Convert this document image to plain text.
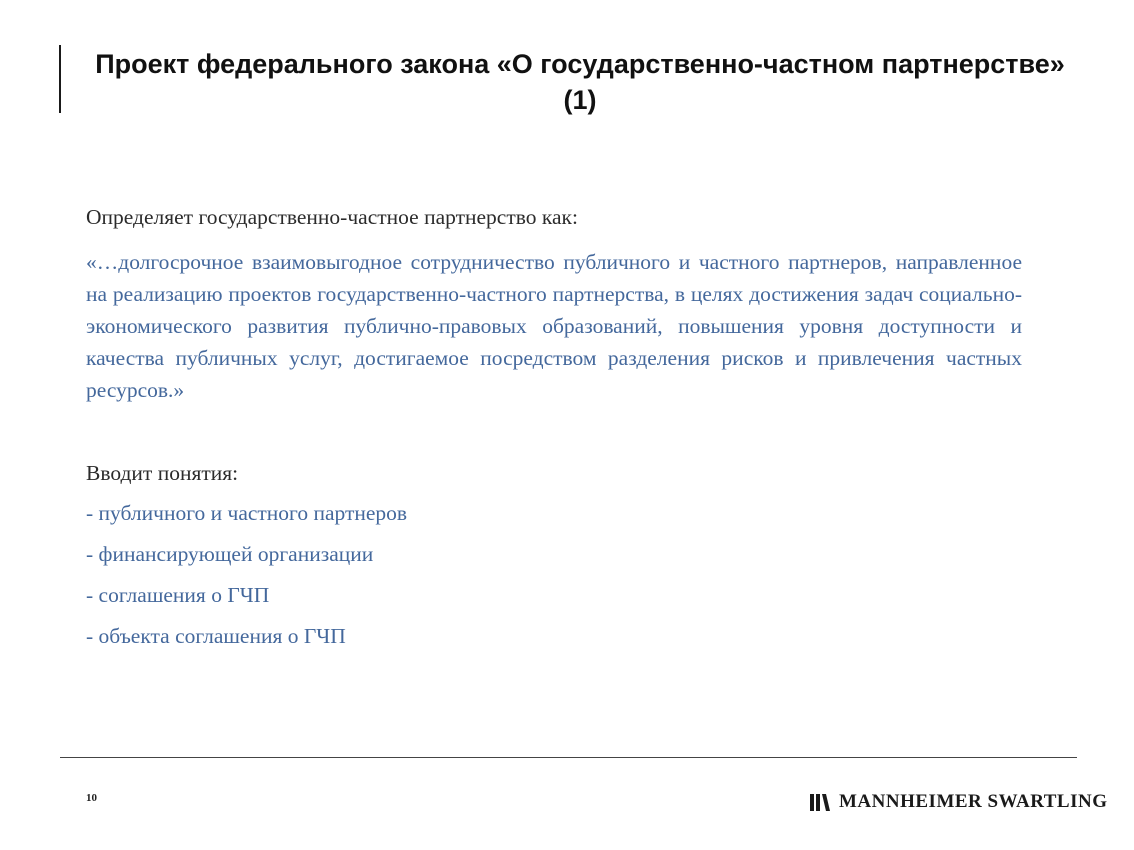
Проект федерального закона «О государственно-частном партнерстве» (1)

Определяет государственно-частное партнерство как:

«…долгосрочное взаимовыгодное сотрудничество публичного и частного партнеров, направленное на реализацию проектов государственно-частного партнерства, в целях достижения задач социально-экономического развития публично-правовых образований, повышения уровня доступности и качества публичных услуг, достигаемое посредством разделения рисков и привлечения частных ресурсов.»

Вводит понятия:

- публичного и частного партнеров
- финансирующей организации
- соглашения о ГЧП
- объекта соглашения о ГЧП
10	MANNHEIMER SWARTLING
